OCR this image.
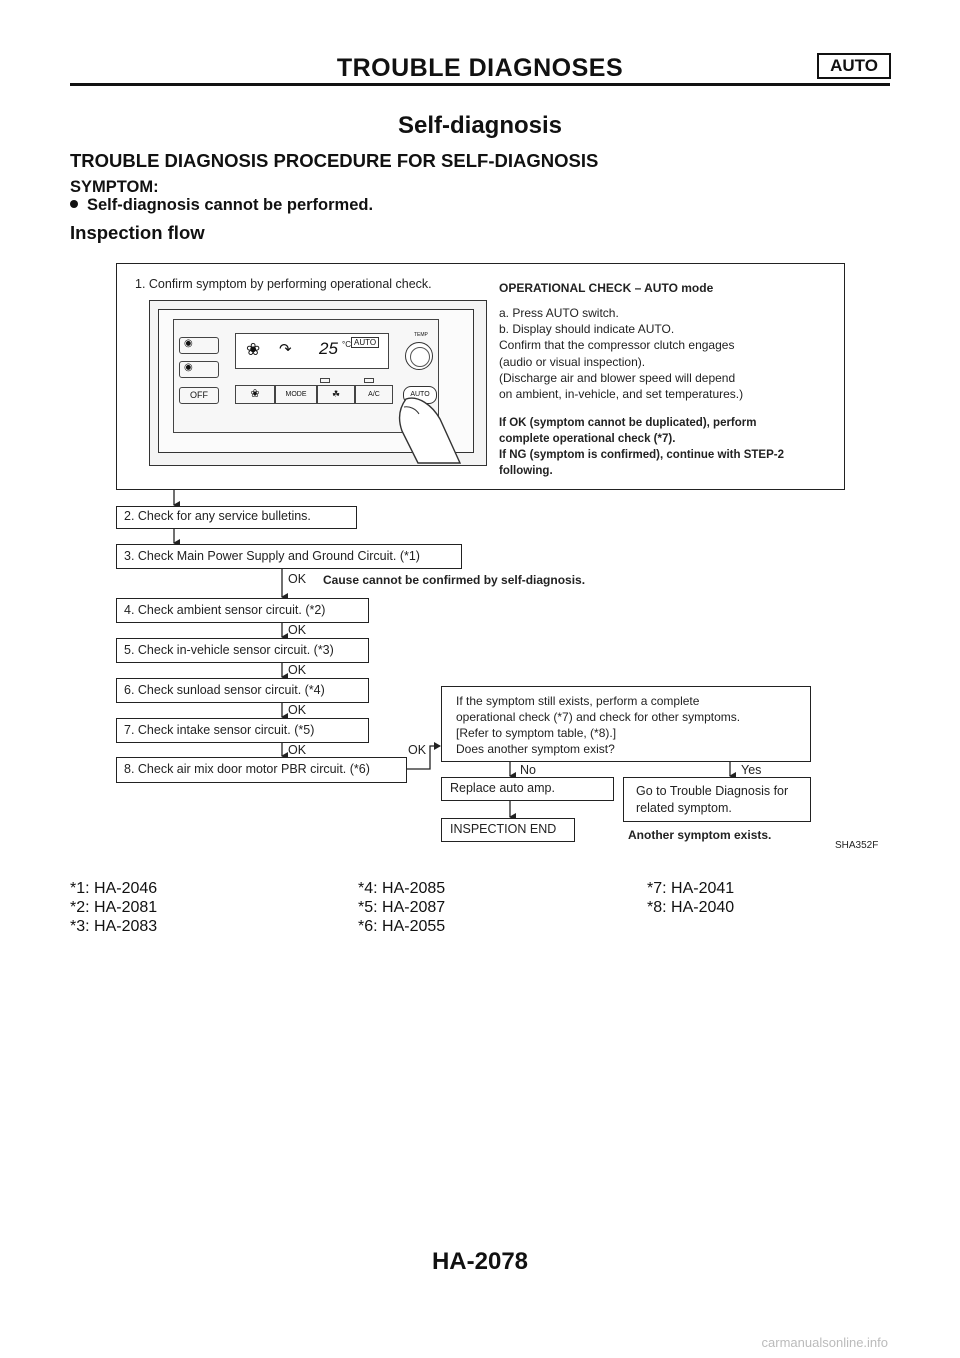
TROUBLE DIAGNOSES	AUTO
Self-diagnosis
TROUBLE DIAGNOSIS PROCEDURE FOR SELF-DIAGNOSIS
SYMPTOM:
Self-diagnosis cannot be performed.
Inspection flow
1. Confirm symptom by performing operational check.	OPERATIONAL CHECK – AUTO mode
a. Press AUTO switch.
b. Display should indicate AUTO.
Confirm that the compressor clutch engages
(audio or visual inspection).
(Discharge air and blower speed will depend
on ambient, in-vehicle, and set temperatures.)
If OK (symptom cannot be duplicated), perform
complete operational check (*7).
If NG (symptom is confirmed), continue with STEP-2
following.
◉
◉
OFF
❀ ↷ 25 °C AUTO
❀	MODE	☘	A/C
TEMP
AUTO
2. Check for any service bulletins.
3. Check Main Power Supply and Ground Circuit. (*1)
OK Cause cannot be confirmed by self-diagnosis.
4. Check ambient sensor circuit. (*2)
OK
5. Check in-vehicle sensor circuit. (*3)
OK
6. Check sunload sensor circuit. (*4)
OK
7. Check intake sensor circuit. (*5)
OK
8. Check air mix door motor PBR circuit. (*6)
OK
If the symptom still exists, perform a complete
operational check (*7) and check for other symptoms.
[Refer to symptom table, (*8).]
Does another symptom exist?
No	Yes
Replace auto amp.	Go to Trouble Diagnosis for
related symptom.
INSPECTION END	Another symptom exists.
SHA352F
*1: HA-2046
*2: HA-2081
*3: HA-2083
*4: HA-2085
*5: HA-2087
*6: HA-2055
*7: HA-2041
*8: HA-2040
HA-2078
carmanualsonline.info
